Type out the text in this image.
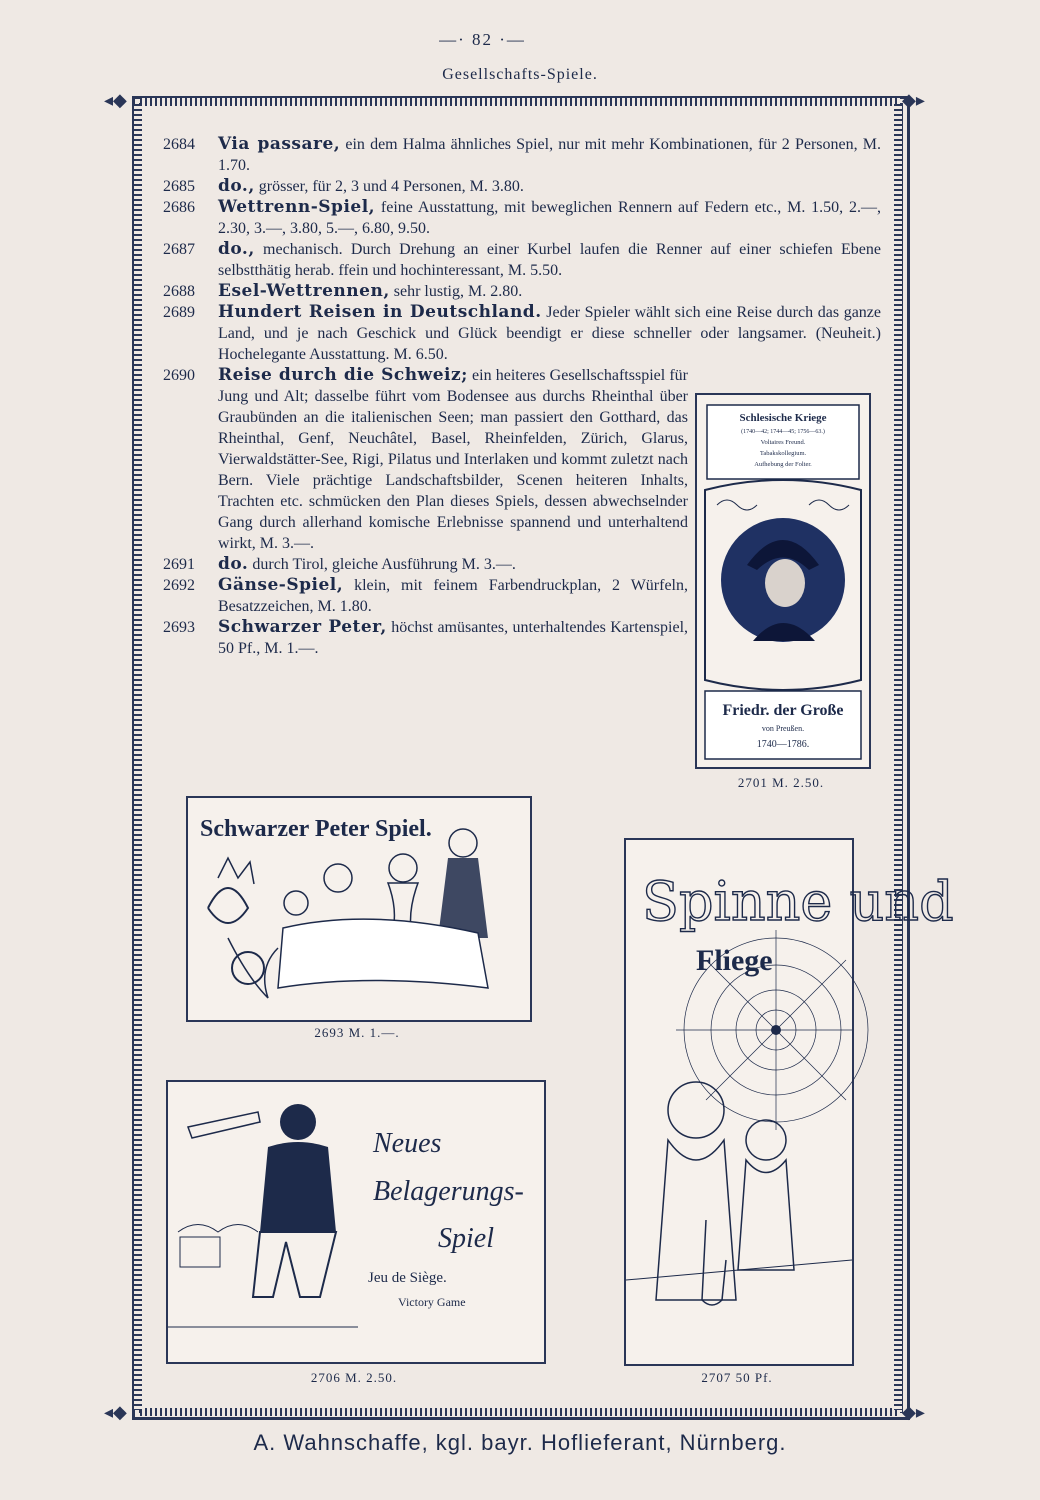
—· 82 ·—
Gesellschafts-Spiele.
◂◆	◆▸
◂◆	◆▸
2684	Via passare, ein dem Halma ähnliches Spiel, nur mit mehr Kombinationen, für 2 Personen, M. 1.70.
2685	do., grösser, für 2, 3 und 4 Personen, M. 3.80.
2686	Wettrenn-Spiel, feine Ausstattung, mit beweglichen Rennern auf Federn etc., M. 1.50, 2.—, 2.30, 3.—, 3.80, 5.—, 6.80, 9.50.
2687	do., mechanisch. Durch Drehung an einer Kurbel laufen die Renner auf einer schiefen Ebene selbstthätig herab. ffein und hochinteressant, M. 5.50.
2688	Esel-Wettrennen, sehr lustig, M. 2.80.
2689	Hundert Reisen in Deutschland. Jeder Spieler wählt sich eine Reise durch das ganze Land, und je nach Geschick und Glück beendigt er diese schneller oder langsamer. (Neuheit.) Hochelegante Ausstattung. M. 6.50.
2690	Reise durch die Schweiz; ein heiteres Gesellschaftsspiel für Jung und Alt; dasselbe führt vom Bodensee aus durchs Rheinthal über Graubünden an die italienischen Seen; man passiert den Gotthard, das Rheinthal, Genf, Neuchâtel, Basel, Rheinfelden, Zürich, Glarus, Vierwaldstätter-See, Rigi, Pilatus und Interlaken und kommt zuletzt nach Bern. Viele prächtige Landschaftsbilder, Scenen heiteren Inhalts, Trachten etc. schmücken den Plan dieses Spiels, dessen abwechselnder Gang durch allerhand komische Erlebnisse spannend und unterhaltend wirkt, M. 3.—.
2691	do. durch Tirol, gleiche Ausführung M. 3.—.
2692	Gänse-Spiel, klein, mit feinem Farbendruckplan, 2 Würfeln, Besatzzeichen, M. 1.80.
2693	Schwarzer Peter, höchst amüsantes, unterhaltendes Kartenspiel, 50 Pf., M. 1.—.
Schlesische Kriege
(1740—42; 1744—45; 1756—63.)
Voltaires Freund.
Tabakskollegium.
Aufhebung der Folter.
Friedr. der Große
von Preußen.
1740—1786.
2701 M. 2.50.
Schwarzer Peter Spiel.
2693 M. 1.—.
Spinne und
Fliege
2707 50 Pf.
Neues
Belagerungs-
Spiel
Jeu de Siège.
Victory Game
2706 M. 2.50.
A. Wahnschaffe, kgl. bayr. Hoflieferant, Nürnberg.
